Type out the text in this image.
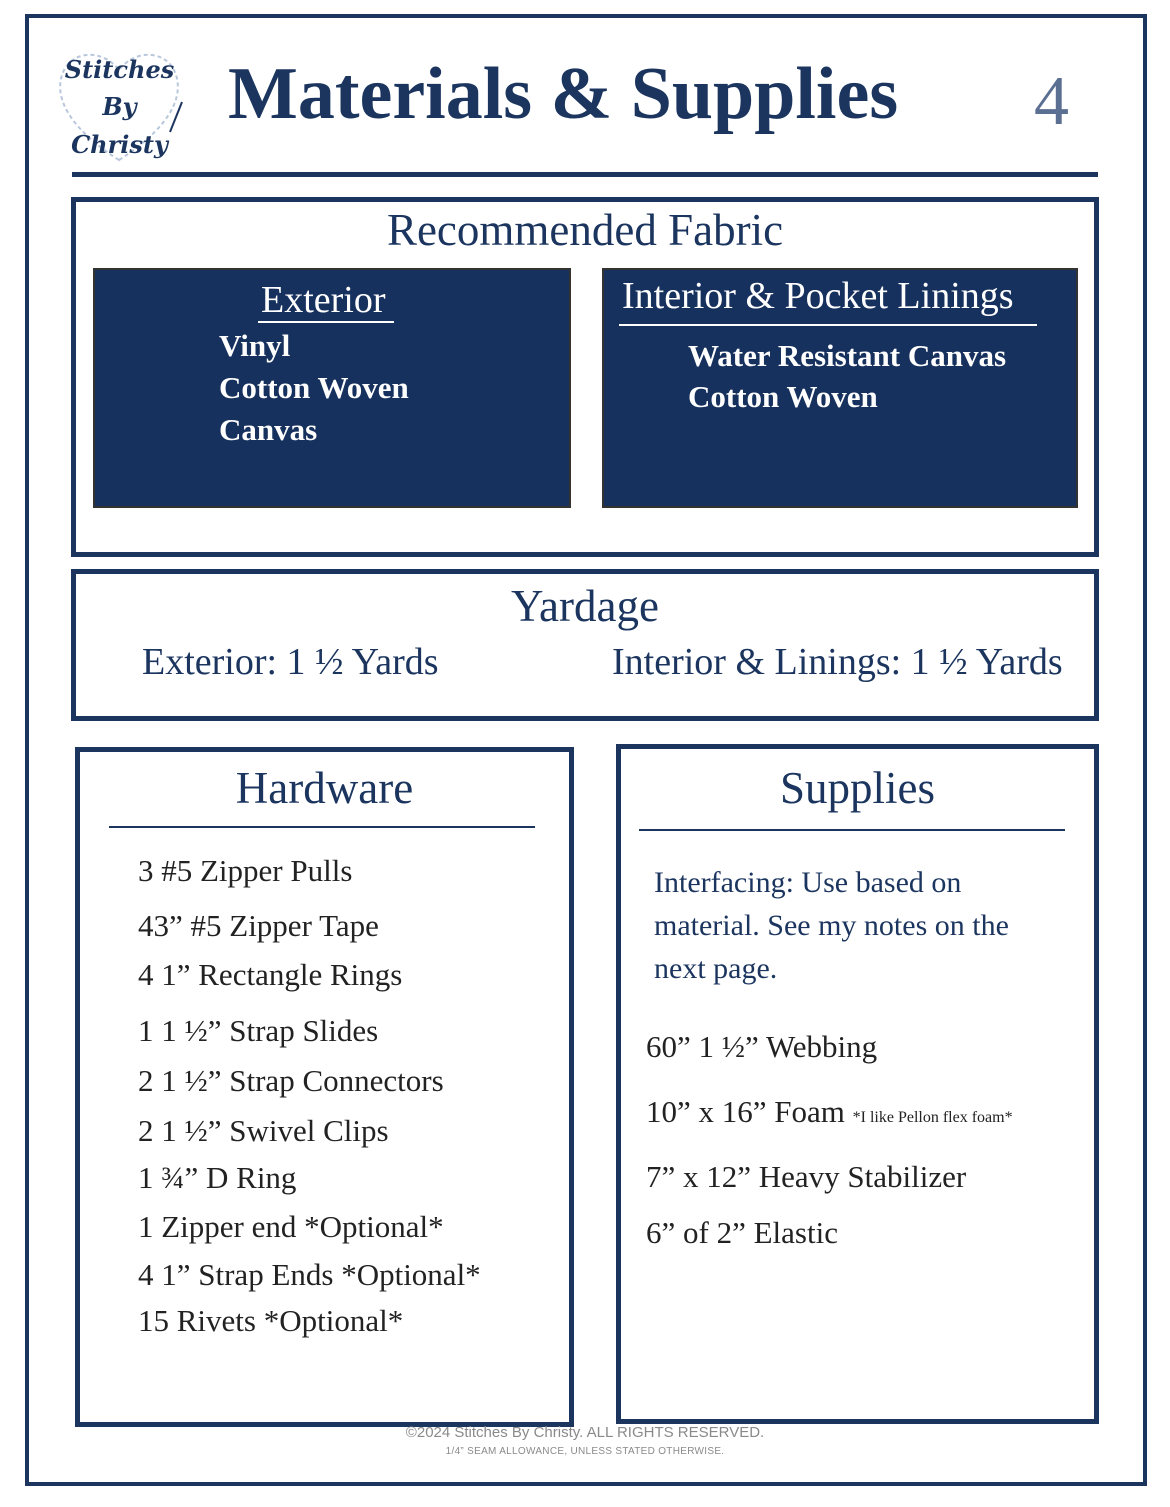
Stitches
By
Christy
Materials & Supplies 4
Recommended Fabric
Exterior
Vinyl
Cotton Woven
Canvas
Interior & Pocket Linings
Water Resistant Canvas
Cotton Woven
Yardage
Exterior: 1 ½ Yards	Interior & Linings: 1 ½ Yards
Hardware
3 #5 Zipper Pulls
43” #5 Zipper Tape
4 1” Rectangle Rings
1 1 ½” Strap Slides
2 1 ½” Strap Connectors
2 1 ½” Swivel Clips
1 ¾” D Ring
1 Zipper end *Optional*
4 1” Strap Ends *Optional*
15 Rivets *Optional*
Supplies
Interfacing: Use based on material. See my notes on the next page.
60” 1 ½” Webbing
10” x 16” Foam *I like Pellon flex foam*
7” x 12” Heavy Stabilizer
6” of 2” Elastic
©2024 Stitches By Christy. ALL RIGHTS RESERVED.
1/4” SEAM ALLOWANCE, UNLESS STATED OTHERWISE.
